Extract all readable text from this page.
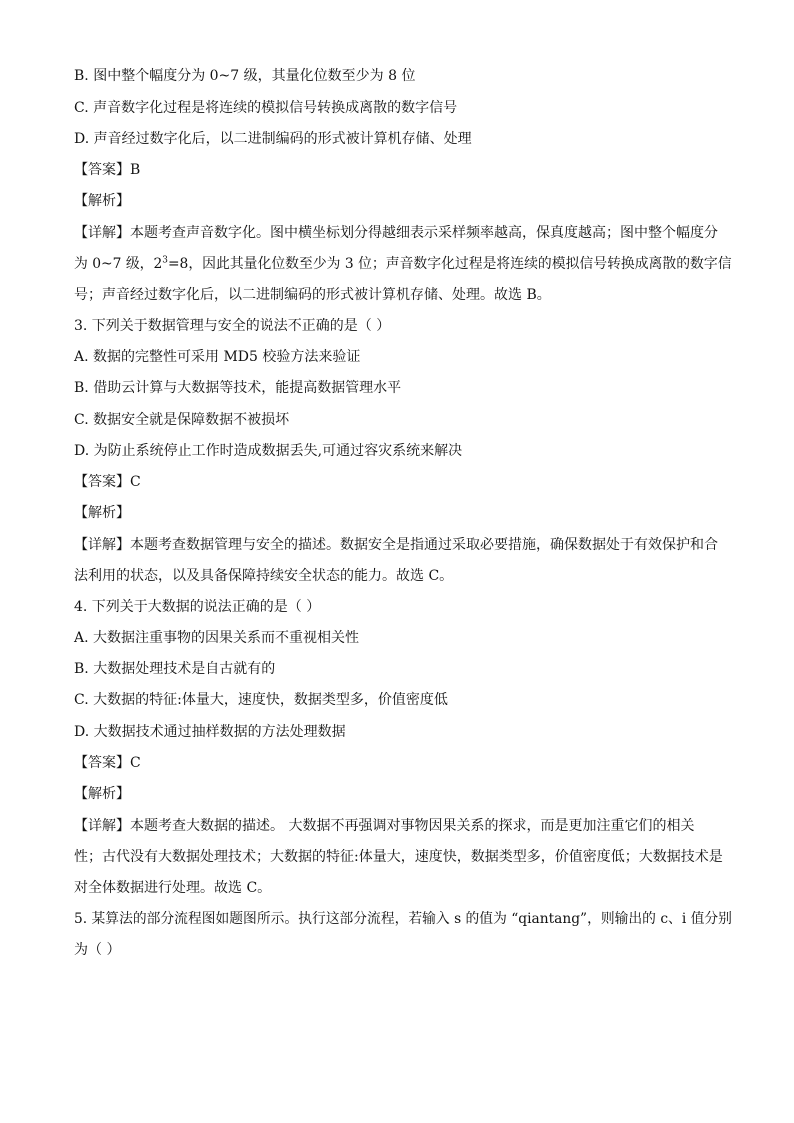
B. 图中整个幅度分为 0~7 级，其量化位数至少为 8 位
C. 声音数字化过程是将连续的模拟信号转换成离散的数字信号
D. 声音经过数字化后，以二进制编码的形式被计算机存储、处理
【答案】B
【解析】
【详解】本题考查声音数字化。图中横坐标划分得越细表示采样频率越高，保真度越高；图中整个幅度分
为 0~7 级，$2^3=8$，因此其量化位数至少为 3 位；声音数字化过程是将连续的模拟信号转换成离散的数字信
号；声音经过数字化后，以二进制编码的形式被计算机存储、处理。故选 B。
3. 下列关于数据管理与安全的说法不正确的是（ ）
A. 数据的完整性可采用 MD5 校验方法来验证
B. 借助云计算与大数据等技术，能提高数据管理水平
C. 数据安全就是保障数据不被损坏
D. 为防止系统停止工作时造成数据丢失,可通过容灾系统来解决
【答案】C
【解析】
【详解】本题考查数据管理与安全的描述。数据安全是指通过采取必要措施，确保数据处于有效保护和合
法利用的状态，以及具备保障持续安全状态的能力。故选 C。
4. 下列关于大数据的说法正确的是（ ）
A. 大数据注重事物的因果关系而不重视相关性
B. 大数据处理技术是自古就有的
C. 大数据的特征:体量大，速度快，数据类型多，价值密度低
D. 大数据技术通过抽样数据的方法处理数据
【答案】C
【解析】
【详解】本题考查大数据的描述。 大数据不再强调对事物因果关系的探求，而是更加注重它们的相关
性；古代没有大数据处理技术；大数据的特征:体量大，速度快，数据类型多，价值密度低；大数据技术是
对全体数据进行处理。故选 C。
5. 某算法的部分流程图如题图所示。执行这部分流程，若输入 s 的值为 “qiantang”，则输出的 c、i 值分别
为（ ）
